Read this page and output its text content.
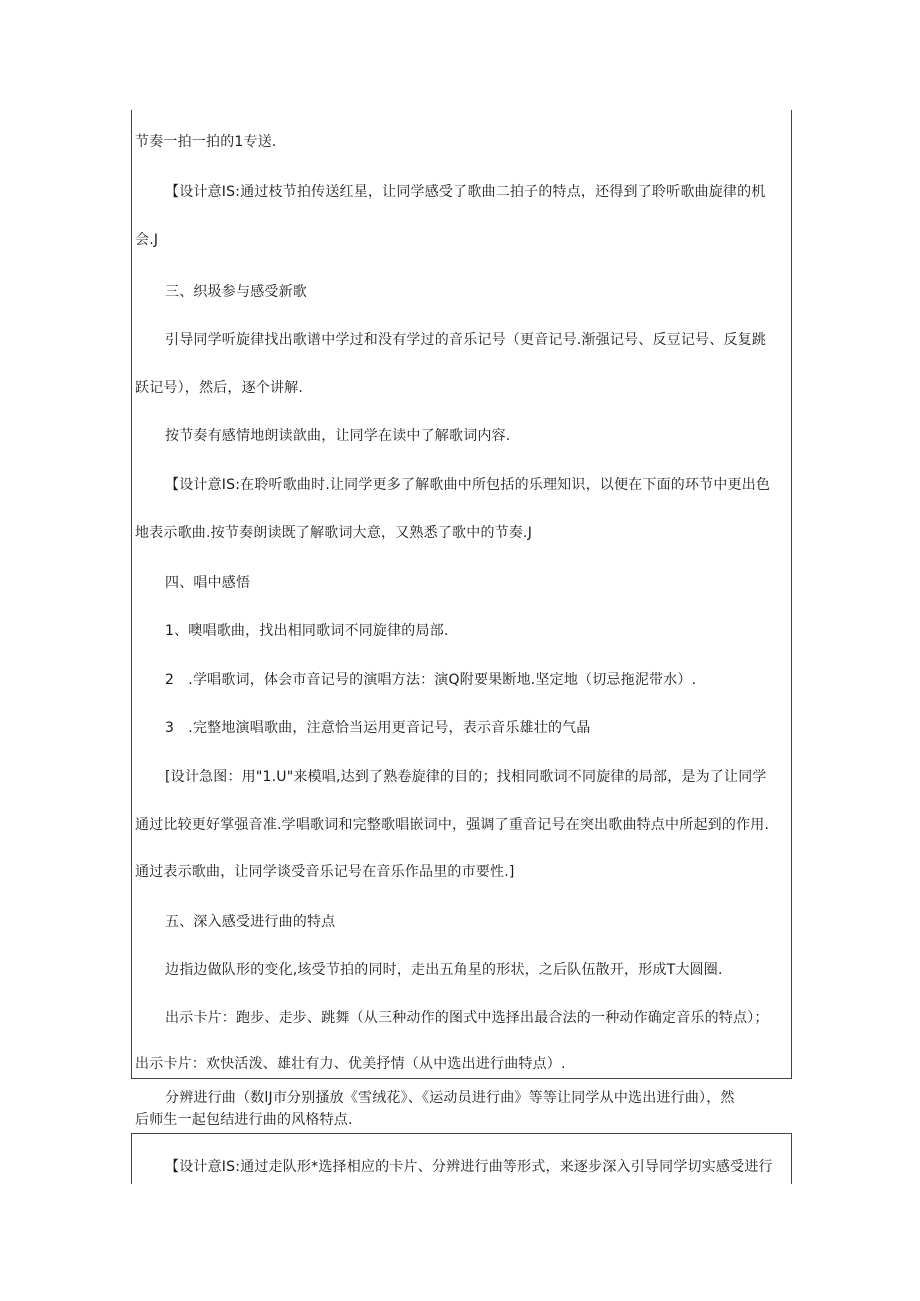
节奏一拍一拍的1专送.
【设计意IS:通过枝节拍传送红星，让同学感受了歌曲二拍子的特点，还得到了聆听歌曲旋律的机
会.J
三、织圾参与感受新歌
引导同学听旋律找出歌谱中学过和没有学过的音乐记号（更音记号.渐强记号、反豆记号、反复跳
跃记号），然后，逐个讲解.
按节奏有感情地朗读歆曲，让同学在读中了解歌词内容.
【设计意IS:在聆听歌曲时.让同学更多了解歌曲中所包括的乐理知识，以便在下面的环节中更出色
地表示歌曲.按节奏朗读既了解歌词大意，又熟悉了歌中的节奏.J
四、唱中感悟
1、噢唱歌曲，找出相同歌词不同旋律的局部.
2　.学唱歌词，体会市音记号的演唱方法：演Q附要果断地.坚定地（切忌拖泥带水）.
3　.完整地演唱歌曲，注意恰当运用更音记号，表示音乐雄壮的气晶
[设计急图：用"1.U"来模唱,达到了熟卷旋律的目的；找相同歌词不同旋律的局部，是为了让同学
通过比较更好掌强音准.学唱歌词和完整歌唱嵌词中，强调了重音记号在突出歌曲特点中所起到的作用.
通过表示歌曲，让同学谈受音乐记号在音乐作品里的市要性.]
五、深入感受进行曲的特点
边指边做队形的变化,垓受节拍的同时，走出五角星的形状，之后队伍散开，形成T大圆圈.
出示卡片：跑步、走步、跳舞（从三种动作的图式中选择出最合法的一种动作确定音乐的特点）；
出示卡片：欢快活泼、雄壮有力、优美抒情（从中选出进行曲特点）.
分辨进行曲（数lJ市分别搔放《雪绒花》、《运动员进行曲》等等让同学从中选出进行曲），然
后师生一起包结进行曲的风格特点.
【设计意IS:通过走队形*选择相应的卡片、分辨进行曲等形式，来逐步深入引导同学切实感受进行
